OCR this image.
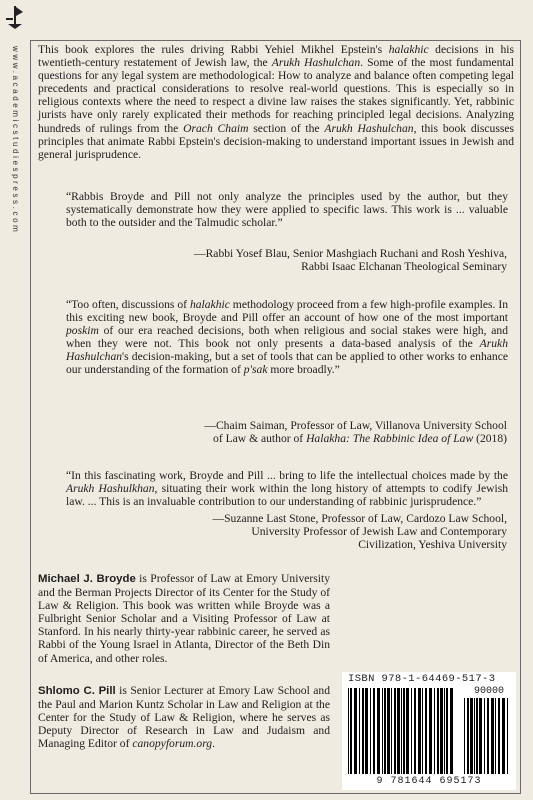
www.academicstudiespress.com This book explores the rules driving Rabbi Yehiel Mikhel Epstein's halakhic decisions in his twentieth-century restatement of Jewish law, the Arukh Hashulchan. Some of the most fundamental questions for any legal system are methodological: How to analyze and balance often competing legal precedents and practical considerations to resolve real-world questions. This is especially so in religious contexts where the need to respect a divine law raises the stakes significantly. Yet, rabbinic jurists have only rarely explicated their methods for reaching principled legal decisions. Analyzing hundreds of rulings from the Orach Chaim section of the Arukh Hashulchan, this book discusses principles that animate Rabbi Epstein's decision-making to understand important issues in Jewish and general jurisprudence.

“Rabbis Broyde and Pill not only analyze the principles used by the author, but they systematically demonstrate how they were applied to specific laws. This work is ... valuable both to the outsider and the Talmudic scholar.”

—Rabbi Yosef Blau, Senior Mashgiach Ruchani and Rosh Yeshiva,
Rabbi Isaac Elchanan Theological Seminary

“Too often, discussions of halakhic methodology proceed from a few high-profile examples. In this exciting new book, Broyde and Pill offer an account of how one of the most important poskim of our era reached decisions, both when religious and social stakes were high, and when they were not. This book not only presents a data-based analysis of the Arukh Hashulchan's decision-making, but a set of tools that can be applied to other works to enhance our understanding of the formation of p'sak more broadly.”

—Chaim Saiman, Professor of Law, Villanova University School
of Law & author of Halakha: The Rabbinic Idea of Law (2018)

“In this fascinating work, Broyde and Pill ... bring to life the intellectual choices made by the Arukh Hashulkhan, situating their work within the long history of attempts to codify Jewish law. ... This is an invaluable contribution to our understanding of rabbinic jurisprudence.”

—Suzanne Last Stone, Professor of Law, Cardozo Law School,
University Professor of Jewish Law and Contemporary
Civilization, Yeshiva University

Michael J. Broyde is Professor of Law at Emory University and the Berman Projects Director of its Center for the Study of Law & Religion. This book was written while Broyde was a Fulbright Senior Scholar and a Visiting Professor of Law at Stanford. In his nearly thirty-year rabbinic career, he served as Rabbi of the Young Israel in Atlanta, Director of the Beth Din of America, and other roles.

Shlomo C. Pill is Senior Lecturer at Emory Law School and the Paul and Marion Kuntz Scholar in Law and Religion at the Center for the Study of Law & Religion, where he serves as Deputy Director of Research in Law and Judaism and Managing Editor of canopyforum.org.

ISBN 978-1-64469-517-3
90000
9 781644 695173
